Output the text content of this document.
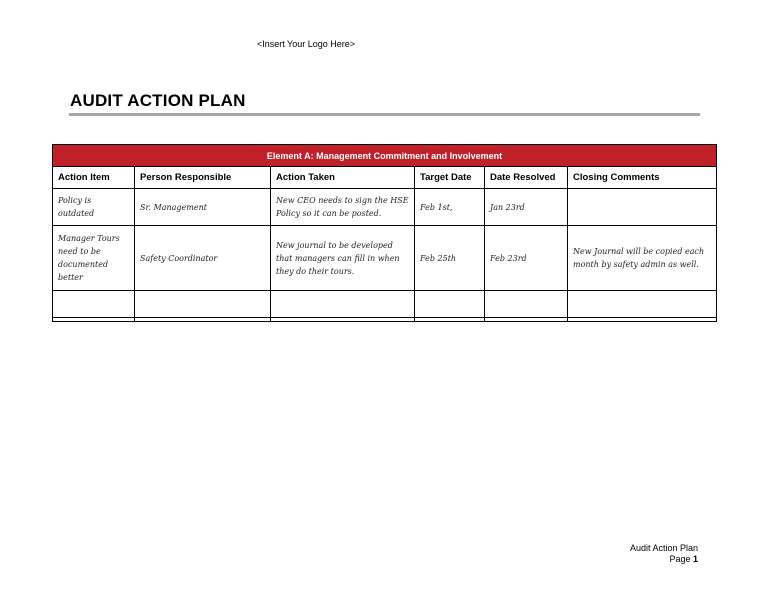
<Insert Your Logo Here>
AUDIT ACTION PLAN
Element A: Management Commitment and Involvement					
Action Item	Person Responsible	Action Taken	Target Date	Date Resolved	Closing Comments
Policy is outdated	Sr. Management	New CEO needs to sign the HSE Policy so it can be posted.	Feb 1st,	Jan 23rd	
Manager Tours need to be documented better	Safety Coordinator	New journal to be developed that managers can fill in when they do their tours.	Feb 25th	Feb 23rd	New Journal will be copied each month by safety admin as well.

Audit Action Plan
Page 1
